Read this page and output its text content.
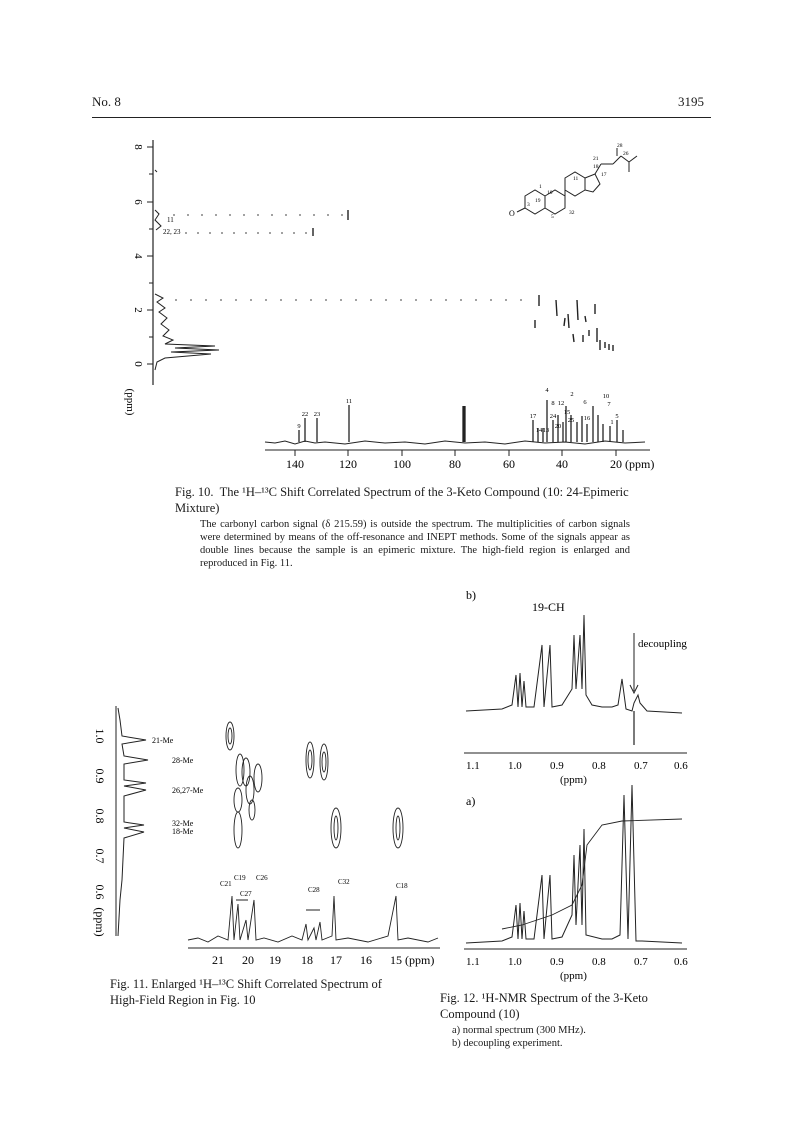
No. 8	3195
8
6
4
2
0
(ppm)
11
22, 23
9
22 23
11
17
14 13
24
20
4
8 12
15
25
2
6
16
10
7
1
5
140	120	100	80	60	40	20 (ppm)
28
26
21
18
17
11
1
19
10
3
5
32
O
Fig. 10. The ¹H–¹³C Shift Correlated Spectrum of the 3-Keto Compound (10: 24-Epimeric Mixture)
The carbonyl carbon signal (δ 215.59) is outside the spectrum. The multiplicities of carbon signals were determined by means of the off-resonance and INEPT methods. Some of the signals appear as double lines because the sample is an epimeric mixture. The high-field region is enlarged and reproduced in Fig. 11.
1.0
0.9
0.8
0.7
0.6
(ppm)
21-Me
28-Me
26,27-Me
32-Me
18-Me
C21
C19
C27
C26
C28
C32	C18
21 20 19 18 17 16 15 (ppm)
Fig. 11. Enlarged ¹H–¹³C Shift Correlated Spectrum of High-Field Region in Fig. 10
b)
19-CH
decoupling
1.1	1.0	0.9	0.8	0.7 0.6
(ppm)
a)
1.1	1.0	0.9	0.8	0.7 0.6
(ppm)
Fig. 12. ¹H-NMR Spectrum of the 3-Keto Compound (10)
a) normal spectrum (300 MHz).
b) decoupling experiment.
